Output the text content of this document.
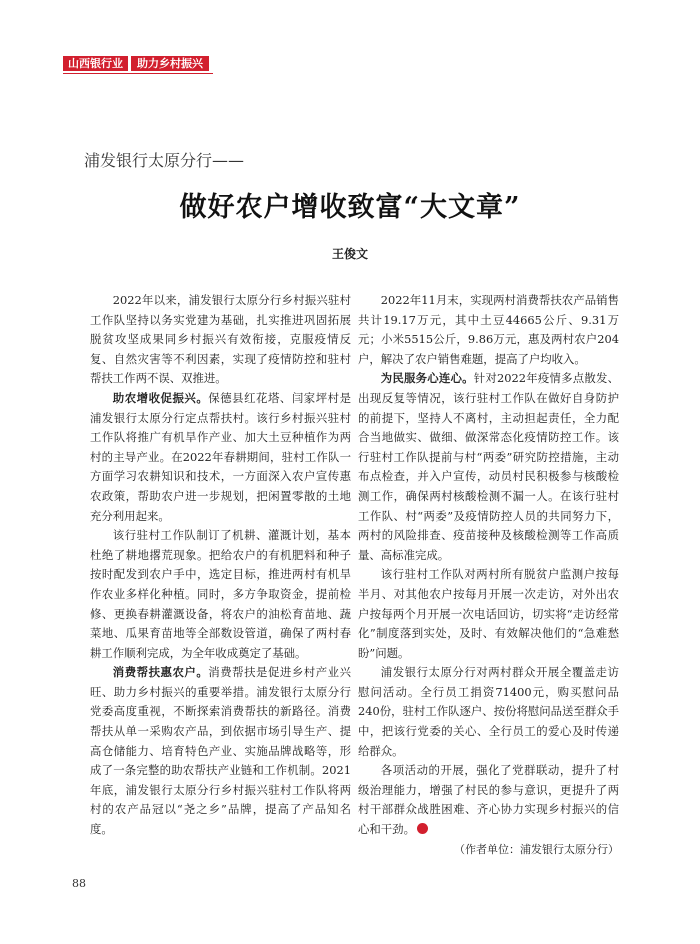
山西银行业	助力乡村振兴
浦发银行太原分行——
做好农户增收致富“大文章”
王俊文

2022年以来，浦发银行太原分行乡村振兴驻村工作队坚持以务实党建为基础，扎实推进巩固拓展脱贫攻坚成果同乡村振兴有效衔接，克服疫情反复、自然灾害等不利因素，实现了疫情防控和驻村帮扶工作两不误、双推进。

助农增收促振兴。保德县红花塔、闫家坪村是浦发银行太原分行定点帮扶村。该行乡村振兴驻村工作队将推广有机旱作产业、加大土豆种植作为两村的主导产业。在2022年春耕期间，驻村工作队一方面学习农耕知识和技术，一方面深入农户宣传惠农政策，帮助农户进一步规划，把闲置零散的土地充分利用起来。

该行驻村工作队制订了机耕、灌溉计划，基本杜绝了耕地撂荒现象。把给农户的有机肥料和种子按时配发到农户手中，选定目标，推进两村有机旱作农业多样化种植。同时，多方争取资金，提前检修、更换春耕灌溉设备，将农户的油松育苗地、蔬菜地、瓜果育苗地等全部数设管道，确保了两村春耕工作顺利完成，为全年收成奠定了基础。

消费帮扶惠农户。消费帮扶是促进乡村产业兴旺、助力乡村振兴的重要举措。浦发银行太原分行党委高度重视，不断探索消费帮扶的新路径。消费帮扶从单一采购农产品，到依据市场引导生产、提高仓储能力、培育特色产业、实施品牌战略等，形成了一条完整的助农帮扶产业链和工作机制。2021年底，浦发银行太原分行乡村振兴驻村工作队将两村的农产品冠以“尧之乡”品牌，提高了产品知名度。

2022年11月末，实现两村消费帮扶农产品销售共计19.17万元，其中土豆44665公斤、9.31万元；小米5515公斤，9.86万元，惠及两村农户204户，解决了农户销售难题，提高了户均收入。

为民服务心连心。针对2022年疫情多点散发、出现反复等情况，该行驻村工作队在做好自身防护的前提下，坚持人不离村，主动担起责任，全力配合当地做实、做细、做深常态化疫情防控工作。该行驻村工作队提前与村“两委”研究防控措施，主动布点检查，并入户宣传，动员村民积极参与核酸检测工作，确保两村核酸检测不漏一人。在该行驻村工作队、村“两委”及疫情防控人员的共同努力下，两村的风险排查、疫苗接种及核酸检测等工作高质量、高标准完成。

该行驻村工作队对两村所有脱贫户监测户按每半月、对其他农户按每月开展一次走访，对外出农户按每两个月开展一次电话回访，切实将“走访经常化”制度落到实处，及时、有效解决他们的“急难愁盼”问题。

浦发银行太原分行对两村群众开展全覆盖走访慰问活动。全行员工捐资71400元，购买慰问品240份，驻村工作队逐户、按份将慰问品送至群众手中，把该行党委的关心、全行员工的爱心及时传递给群众。

各项活动的开展，强化了党群联动，提升了村级治理能力，增强了村民的参与意识，更提升了两村干部群众战胜困难、齐心协力实现乡村振兴的信心和干劲。

（作者单位：浦发银行太原分行）

88
